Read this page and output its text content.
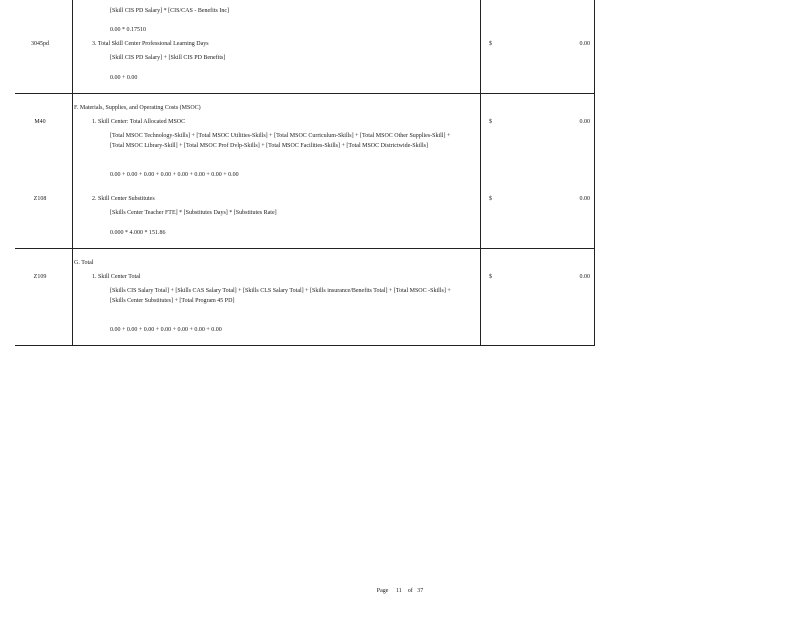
[Skill CIS PD Salary] * [CIS/CAS - Benefits Inc]
0.00 * 0.17510
3045pd	3. Total Skill Center Professional Learning Days	$	0.00
[Skill CIS PD Salary] + [Skill CIS PD Benefits]
0.00 + 0.00
F. Materials, Supplies, and Operating Costs (MSOC)
M40	1. Skill Center: Total Allocated MSOC	$	0.00
[Total MSOC Technology-Skills] + [Total MSOC Utilities-Skills] + [Total MSOC Curriculum-Skills] + [Total MSOC Other Supplies-Skill] + [Total MSOC Library-Skill] + [Total MSOC Prof Dvlp-Skills] + [Total MSOC Facilities-Skills] + [Total MSOC Districtwide-Skills]
0.00 + 0.00 + 0.00 + 0.00 + 0.00 + 0.00 + 0.00 + 0.00
Z108	2. Skill Center Substitutes	$	0.00
[Skills Center Teacher FTE] * [Substitutes Days] * [Substitutes Rate]
0.000 * 4.000 * 151.86
G. Total
Z109	1. Skill Center Total	$	0.00
[Skills CIS Salary Total] + [Skills CAS Salary Total] + [Skills CLS Salary Total] + [Skills insurance/Benefits Total] + [Total MSOC -Skills] + [Skills Center Substitutes] + [Total Program 45 PD]
0.00 + 0.00 + 0.00 + 0.00 + 0.00 + 0.00 + 0.00
Page 11 of 37
